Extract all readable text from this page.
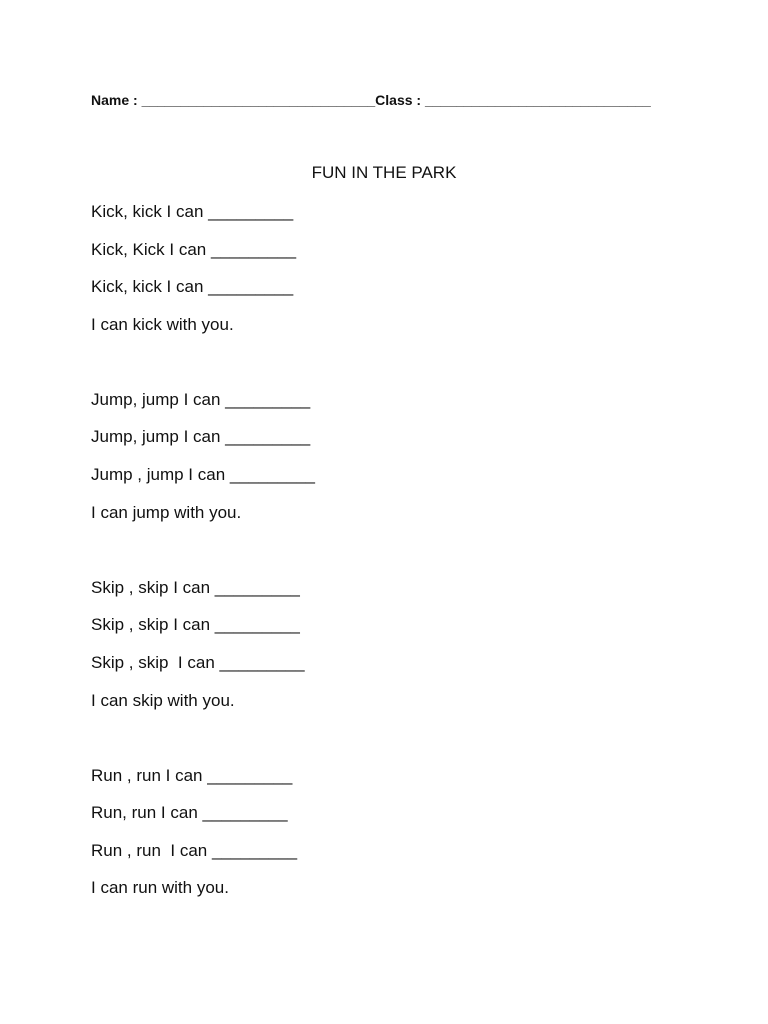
Name : ______________________________Class : _____________________________
FUN IN THE PARK
Kick, kick I can _________
Kick, Kick I can _________
Kick, kick I can _________
I can kick with you.
Jump, jump I can _________
Jump, jump I can _________
Jump , jump I can _________
I can jump with you.
Skip , skip I can _________
Skip , skip I can _________
Skip , skip  I can _________
I can skip with you.
Run , run I can _________
Run, run I can _________
Run , run  I can _________
I can run with you.
